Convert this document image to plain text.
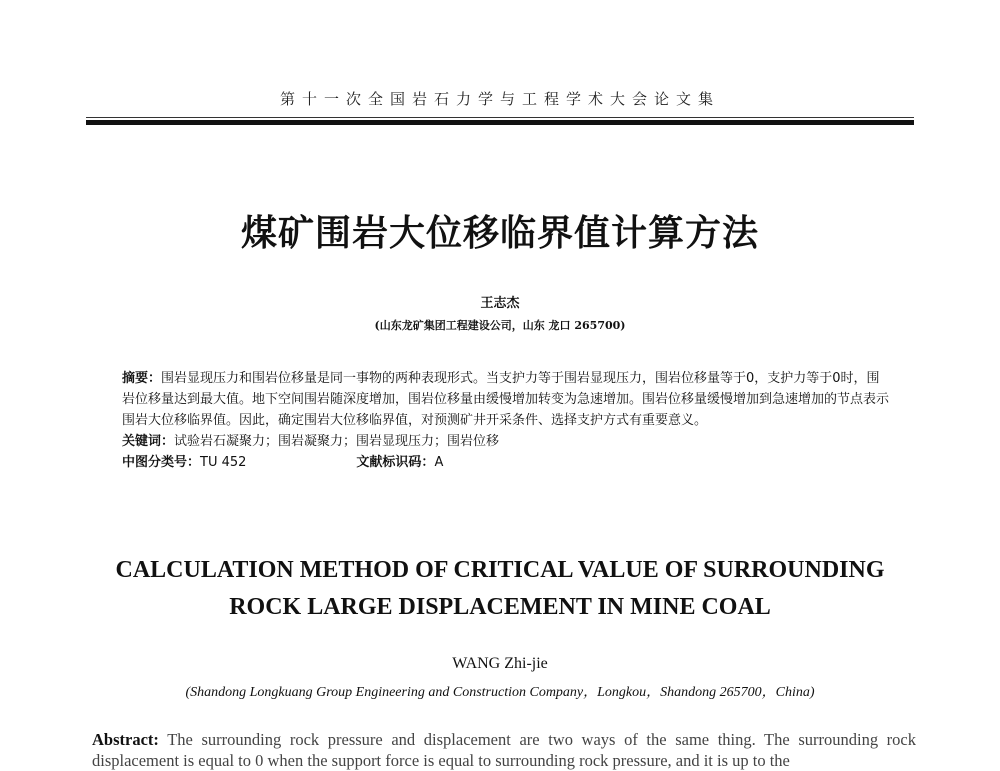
第十一次全国岩石力学与工程学术大会论文集
煤矿围岩大位移临界值计算方法
王志杰
(山东龙矿集团工程建设公司，山东 龙口 265700)

摘要：围岩显现压力和围岩位移量是同一事物的两种表现形式。当支护力等于围岩显现压力，围岩位移量等于0，支护力等于0时，围岩位移量达到最大值。地下空间围岩随深度增加，围岩位移量由缓慢增加转变为急速增加。围岩位移量缓慢增加到急速增加的节点表示围岩大位移临界值。因此，确定围岩大位移临界值，对预测矿井开采条件、选择支护方式有重要意义。

关键词：试验岩石凝聚力；围岩凝聚力；围岩显现压力；围岩位移

中图分类号：TU 452	文献标识码：A

CALCULATION METHOD OF CRITICAL VALUE OF SURROUNDING
ROCK LARGE DISPLACEMENT IN MINE COAL
WANG Zhi-jie
(Shandong Longkuang Group Engineering and Construction Company，Longkou，Shandong 265700，China)

Abstract: The surrounding rock pressure and displacement are two ways of the same thing. The surrounding rock displacement is equal to 0 when the support force is equal to surrounding rock pressure, and it is up to the
